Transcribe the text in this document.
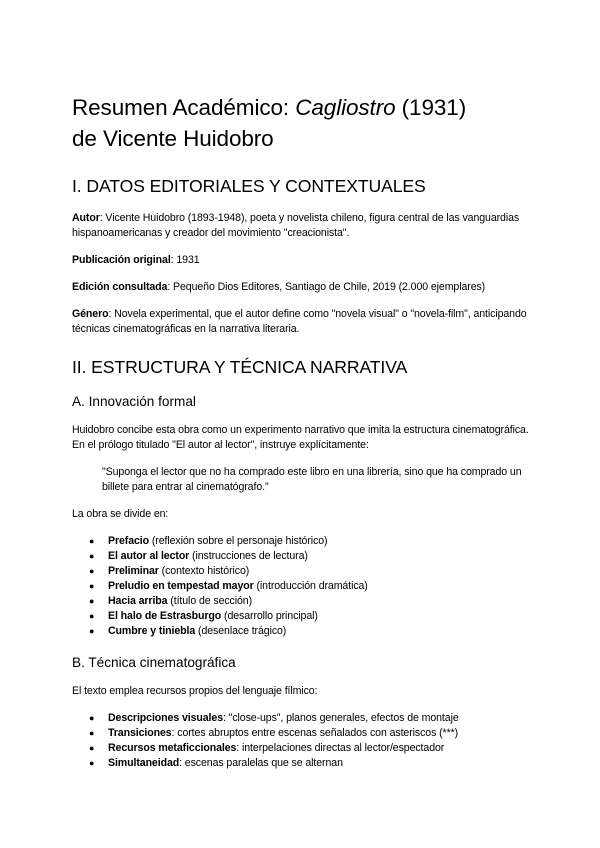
Resumen Académico: Cagliostro (1931)
de Vicente Huidobro
I. DATOS EDITORIALES Y CONTEXTUALES

Autor: Vicente Huidobro (1893-1948), poeta y novelista chileno, figura central de las vanguardias hispanoamericanas y creador del movimiento "creacionista".

Publicación original: 1931

Edición consultada: Pequeño Dios Editores, Santiago de Chile, 2019 (2.000 ejemplares)

Género: Novela experimental, que el autor define como "novela visual" o "novela-film", anticipando técnicas cinematográficas en la narrativa literaria.

II. ESTRUCTURA Y TÉCNICA NARRATIVA
A. Innovación formal

Huidobro concibe esta obra como un experimento narrativo que imita la estructura cinematográfica. En el prólogo titulado "El autor al lector", instruye explícitamente:

"Suponga el lector que no ha comprado este libro en una librería, sino que ha comprado un billete para entrar al cinematógrafo."

La obra se divide en:

● Prefacio (reflexión sobre el personaje histórico)
● El autor al lector (instrucciones de lectura)
● Preliminar (contexto histórico)
● Preludio en tempestad mayor (introducción dramática)
● Hacia arriba (título de sección)
● El halo de Estrasburgo (desarrollo principal)
● Cumbre y tiniebla (desenlace trágico)
B. Técnica cinematográfica

El texto emplea recursos propios del lenguaje fílmico:

● Descripciones visuales: "close-ups", planos generales, efectos de montaje
● Transiciones: cortes abruptos entre escenas señalados con asteriscos (***)
● Recursos metaficcionales: interpelaciones directas al lector/espectador
● Simultaneidad: escenas paralelas que se alternan
